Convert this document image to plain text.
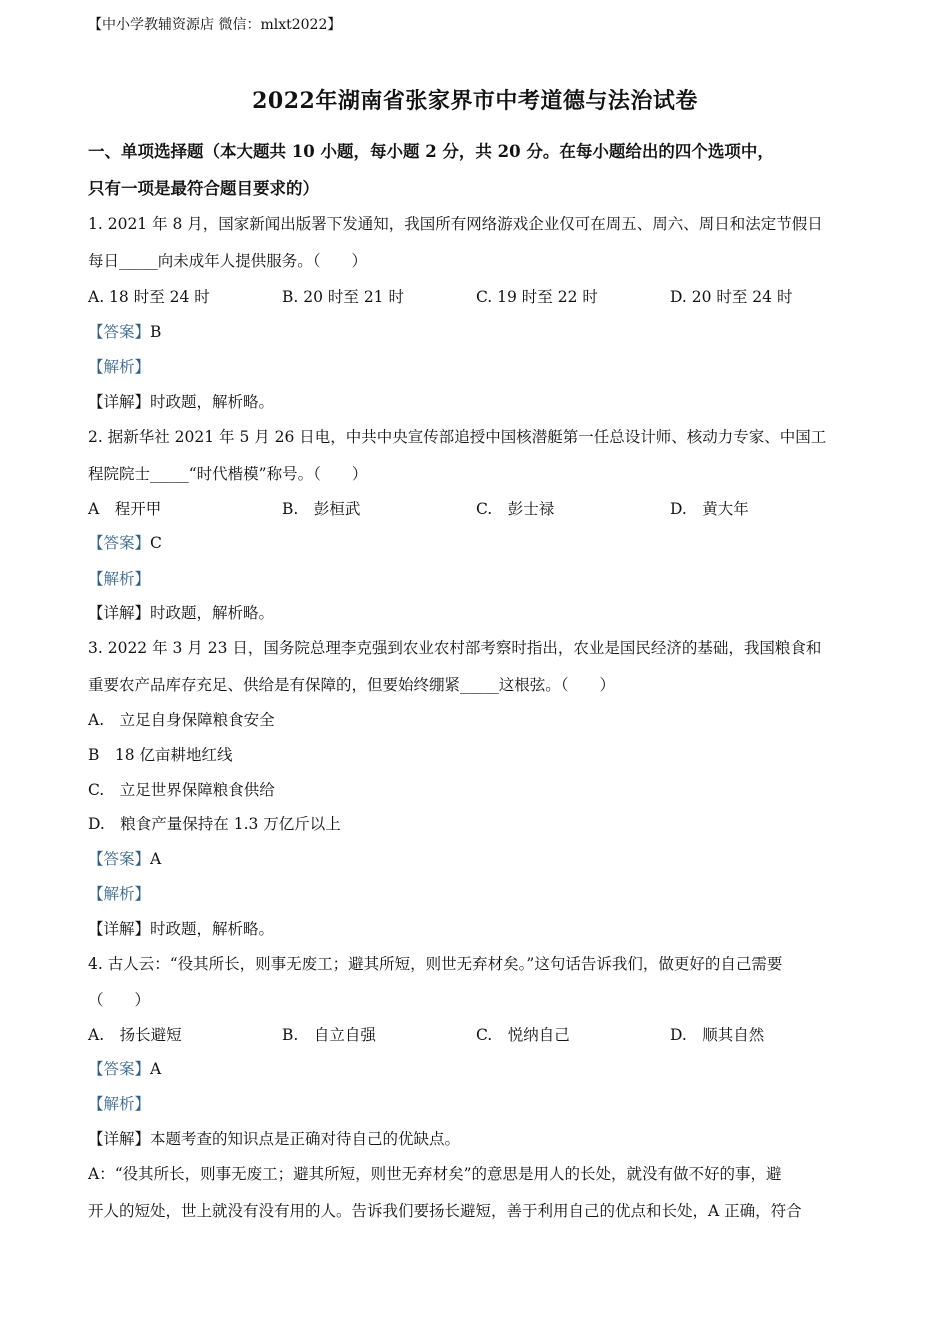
【中小学教辅资源店 微信：mlxt2022】
2022年湖南省张家界市中考道德与法治试卷
一、单项选择题（本大题共 10 小题，每小题 2 分，共 20 分。在每小题给出的四个选项中，
只有一项是最符合题目要求的）
1. 2021 年 8 月，国家新闻出版署下发通知，我国所有网络游戏企业仅可在周五、周六、周日和法定节假日
每日_____向未成年人提供服务。（　　）
A. 18 时至 24 时	B. 20 时至 21 时	C. 19 时至 22 时	D. 20 时至 24 时
【答案】B
【解析】
【详解】时政题，解析略。
2. 据新华社 2021 年 5 月 26 日电，中共中央宣传部追授中国核潜艇第一任总设计师、核动力专家、中国工
程院院士_____“时代楷模”称号。（　　）
A　程开甲	B.　彭桓武	C.　彭士禄	D.　黄大年
【答案】C
【解析】
【详解】时政题，解析略。
3. 2022 年 3 月 23 日，国务院总理李克强到农业农村部考察时指出，农业是国民经济的基础，我国粮食和
重要农产品库存充足、供给是有保障的，但要始终绷紧_____这根弦。（　　）
A.　立足自身保障粮食安全
B　18 亿亩耕地红线
C.　立足世界保障粮食供给
D.　粮食产量保持在 1.3 万亿斤以上
【答案】A
【解析】
【详解】时政题，解析略。
4. 古人云：“役其所长，则事无废工；避其所短，则世无弃材矣。”这句话告诉我们，做更好的自己需要
（　　）
A.　扬长避短	B.　自立自强	C.　悦纳自己	D.　顺其自然
【答案】A
【解析】
【详解】本题考查的知识点是正确对待自己的优缺点。
A：“役其所长，则事无废工；避其所短，则世无弃材矣”的意思是用人的长处，就没有做不好的事，避
开人的短处，世上就没有没有用的人。告诉我们要扬长避短，善于利用自己的优点和长处，A 正确，符合
